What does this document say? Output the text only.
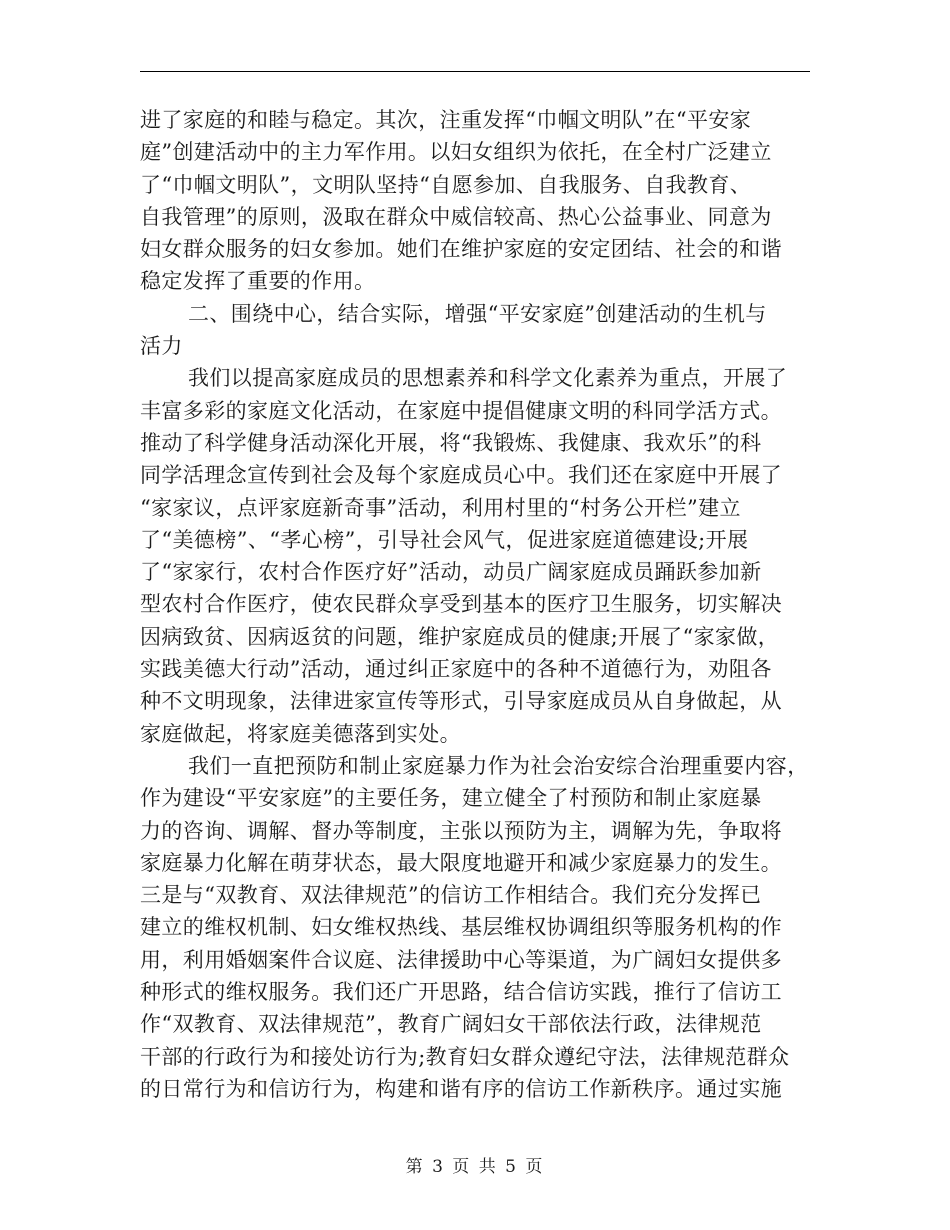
进了家庭的和睦与稳定。其次，注重发挥“巾帼文明队”在“平安家
庭”创建活动中的主力军作用。以妇女组织为依托，在全村广泛建立
了“巾帼文明队”，文明队坚持“自愿参加、自我服务、自我教育、
自我管理”的原则，汲取在群众中威信较高、热心公益事业、同意为
妇女群众服务的妇女参加。她们在维护家庭的安定团结、社会的和谐
稳定发挥了重要的作用。
二、围绕中心，结合实际，增强“平安家庭”创建活动的生机与
活力
我们以提高家庭成员的思想素养和科学文化素养为重点，开展了
丰富多彩的家庭文化活动，在家庭中提倡健康文明的科同学活方式。
推动了科学健身活动深化开展，将“我锻炼、我健康、我欢乐”的科
同学活理念宣传到社会及每个家庭成员心中。我们还在家庭中开展了
“家家议，点评家庭新奇事”活动，利用村里的“村务公开栏”建立
了“美德榜”、“孝心榜”，引导社会风气，促进家庭道德建设;开展
了“家家行，农村合作医疗好”活动，动员广阔家庭成员踊跃参加新
型农村合作医疗，使农民群众享受到基本的医疗卫生服务，切实解决
因病致贫、因病返贫的问题，维护家庭成员的健康;开展了“家家做，
实践美德大行动”活动，通过纠正家庭中的各种不道德行为，劝阻各
种不文明现象，法律进家宣传等形式，引导家庭成员从自身做起，从
家庭做起，将家庭美德落到实处。
我们一直把预防和制止家庭暴力作为社会治安综合治理重要内容，
作为建设“平安家庭”的主要任务，建立健全了村预防和制止家庭暴
力的咨询、调解、督办等制度，主张以预防为主，调解为先，争取将
家庭暴力化解在萌芽状态，最大限度地避开和减少家庭暴力的发生。
三是与“双教育、双法律规范”的信访工作相结合。我们充分发挥已
建立的维权机制、妇女维权热线、基层维权协调组织等服务机构的作
用，利用婚姻案件合议庭、法律援助中心等渠道，为广阔妇女提供多
种形式的维权服务。我们还广开思路，结合信访实践，推行了信访工
作“双教育、双法律规范”，教育广阔妇女干部依法行政，法律规范
干部的行政行为和接处访行为;教育妇女群众遵纪守法，法律规范群众
的日常行为和信访行为，构建和谐有序的信访工作新秩序。通过实施
第 3 页 共 5 页
